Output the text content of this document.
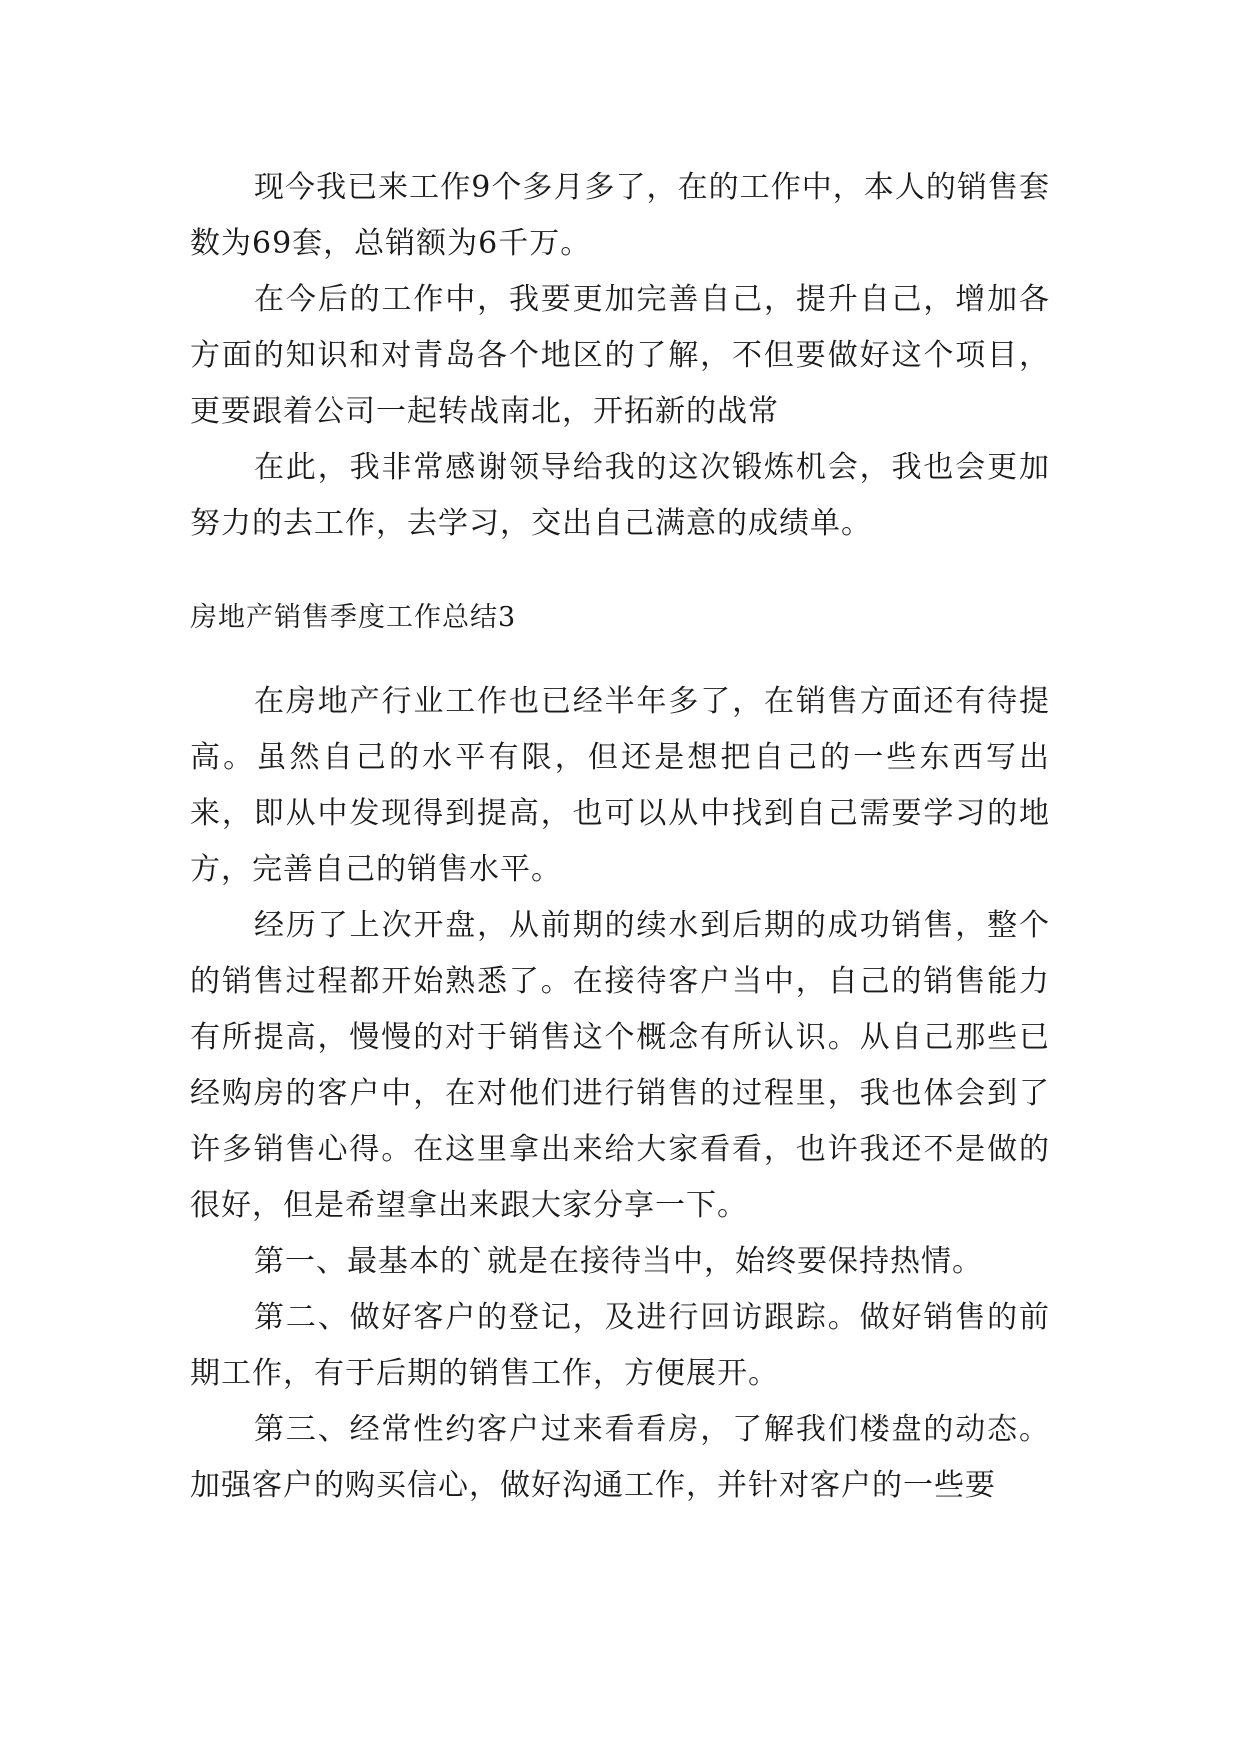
现今我已来工作9个多月多了，在的工作中，本人的销售套数为69套，总销额为6千万。

在今后的工作中，我要更加完善自己，提升自己，增加各方面的知识和对青岛各个地区的了解，不但要做好这个项目，更要跟着公司一起转战南北，开拓新的战常

在此，我非常感谢领导给我的这次锻炼机会，我也会更加努力的去工作，去学习，交出自己满意的成绩单。

房地产销售季度工作总结3

在房地产行业工作也已经半年多了，在销售方面还有待提高。虽然自己的水平有限，但还是想把自己的一些东西写出来，即从中发现得到提高，也可以从中找到自己需要学习的地方，完善自己的销售水平。

经历了上次开盘，从前期的续水到后期的成功销售，整个的销售过程都开始熟悉了。在接待客户当中，自己的销售能力有所提高，慢慢的对于销售这个概念有所认识。从自己那些已经购房的客户中，在对他们进行销售的过程里，我也体会到了许多销售心得。在这里拿出来给大家看看，也许我还不是做的很好，但是希望拿出来跟大家分享一下。

第一、最基本的`就是在接待当中，始终要保持热情。

第二、做好客户的登记，及进行回访跟踪。做好销售的前期工作，有于后期的销售工作，方便展开。

第三、经常性约客户过来看看房，了解我们楼盘的动态。加强客户的购买信心，做好沟通工作，并针对客户的一些要
